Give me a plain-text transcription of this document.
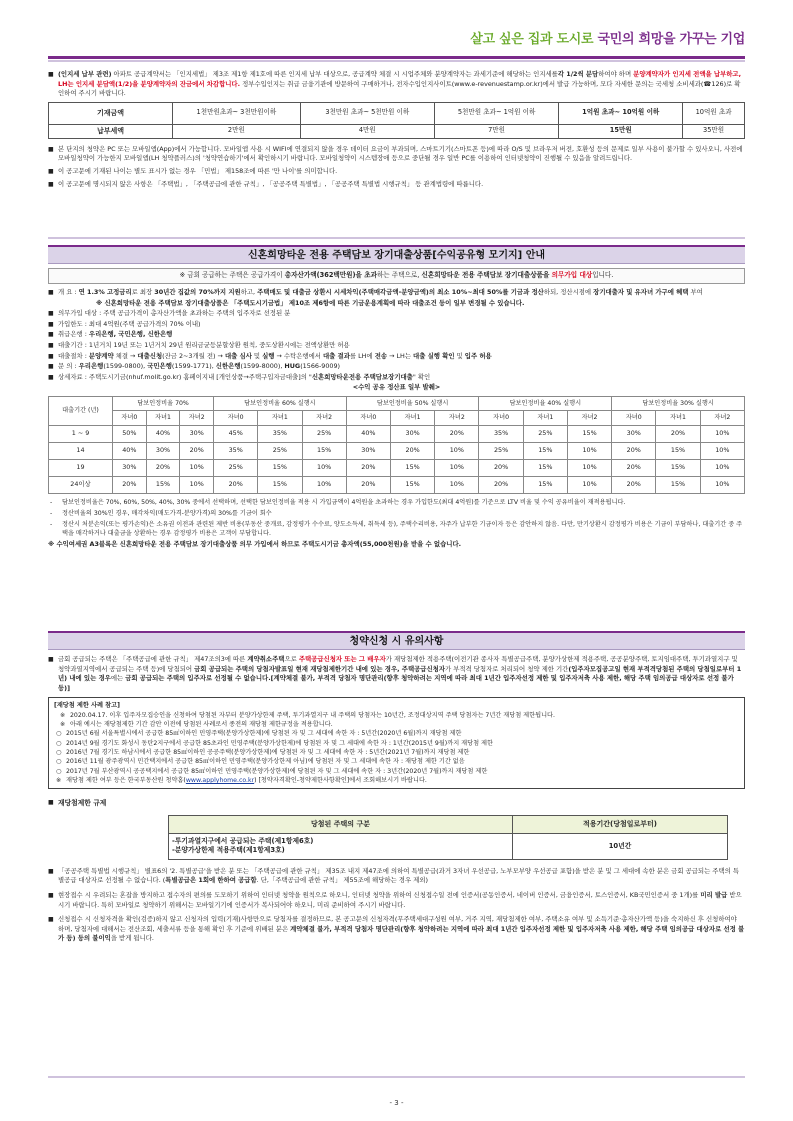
살고 싶은 집과 도시로 국민의 희망을 가꾸는 기업
■ (인지세 납부 관련) 아파트 공급계약서는 「인지세법」 제3조 제1항 제1호에 따른 인지세 납부 대상으로, 공급계약 체결 시 시업주체와 분양계약자는 과세기준에 해당하는 인지세를각 1/2씩 분담하여야 하며 분양계약자가 인지세 전액을 납부하고, LH는 인지세 분담액(1/2)을 분양계약자의 잔금에서 차감합니다. 정부수입인지는 취급 금융기관에 방문하여 구매하거나, 전자수입인지사이트(www.e-revenuestamp.or.kr)에서 발급 가능하며, 모다 자세한 문의는 국세청 소비세과(☎126)로 확인하여 주시기 바랍니다.
기재금액	1천만원초과~ 3천만원이하	3천만원 초과~ 5천만원 이하	5천만원 초과~ 1억원 이하	1억원 초과~ 10억원 이하	10억원 초과
납부세액	2만원	4만원	7만원	15만원	35만원
■ 본 단지의 청약은 PC 또는 모바일앱(App)에서 가능합니다. 모바일앱 사용 시 WIFI에 연결되지 않을 경우 데이터 요금이 부과되며, 스마트기기(스마트폰 등)에 따라 O/S 및 브라우저 버전, 호환성 등의 문제로 일부 사용이 불가할 수 있사오니, 사전에 모바일청약이 가능한지 모바일앱(LH 청약플러스)의 '청약연습하기'에서 확인하시기 바랍니다. 모바일청약이 시스템장애 등으로 중단될 경우 일반 PC를 이용하여 인터넷청약이 진행될 수 있음을 알려드립니다.
■ 이 공고문에 기재된 나이는 별도 표시가 없는 경우 「민법」 제158조에 따른 '만 나이'를 의미합니다.
■ 이 공고문에 명시되지 않은 사항은 「주택법」, 「주택공급에 관한 규칙」, 「공공주택 특별법」, 「공공주택 특별법 시행규칙」 등 관계법령에 따릅니다.
신혼희망타운 전용 주택담보 장기대출상품[수익공유형 모기지] 안내
※ 금회 공급하는 주택은 공급가격이 총자산가액(362백만원)을 초과하는 주택으로, 신혼희망타운 전용 주택담보 장기대출상품을 의무가입 대상입니다.
■ 개 요 : 연 1.3% 고정금리로 최장 30년간 집값의 70%까지 지원하고, 주택매도 및 대출금 상환시 시세차익(주택매각금액-분양금액)의 최소 10%~최대 50%를 기금과 정산하되, 정산시점에 장기대출자 및 유자녀 가구에 혜택 부여
※ 신혼희망타운 전용 주택담보 장기대출상품은 「주택도시기금법」 제10조 제6항에 따른 기금운용계획에 따라 대출조건 등이 일부 변경될 수 있습니다.
■ 의무가입 대상 : 주택 공급가격이 총자산가액을 초과하는 주택의 입주자로 선정된 분
■ 가입한도 : 최대 4억원(주택 공급가격의 70% 이내)
■ 취급은행 : 우리은행, 국민은행, 신한은행
■ 대출기간 : 1년거치 19년 또는 1년거치 29년 원리금균등분할상환 원칙, 중도상환시에는 전액상환만 허용
■ 대출절차 : 분양계약 체결 → 대출신청(잔금 2~3개월 전) → 대출 심사 및 실행 → 수탁은행에서 대출 결과를 LH에 전송 → LH는 대출 실행 확인 및 입주 허용
■ 문 의 : 우리은행(1599-0800), 국민은행(1599-1771), 신한은행(1599-8000), HUG(1566-9009)
■ 상세자료 : 주택도시기금(nhuf.molit.go.kr) 홈페이지내 [개인상품→주택구입자금대출]의 "신혼희망타운전용 주택담보장기대출" 확인
<수익 공유 정산표 일부 발췌>
대출기간 (년)	담보인정비율 70%			담보인정비율 60% 실행시			담보인정비율 50% 실행시			담보인정비율 40% 실행시			담보인정비율 30% 실행시		
	자녀0	자녀1	자녀2	자녀0	자녀1	자녀2	자녀0	자녀1	자녀2	자녀0	자녀1	자녀2	자녀0	자녀1	자녀2
1 ~ 9	50%	40%	30%	45%	35%	25%	40%	30%	20%	35%	25%	15%	30%	20%	10%
14	40%	30%	20%	35%	25%	15%	30%	20%	10%	25%	15%	10%	20%	15%	10%
19	30%	20%	10%	25%	15%	10%	20%	15%	10%	20%	15%	10%	20%	15%	10%
24이상	20%	15%	10%	20%	15%	10%	20%	15%	10%	20%	15%	10%	20%	15%	10%
- 담보인정비율은 70%, 60%, 50%, 40%, 30% 중에서 선택하며, 선택한 담보인정비율 적용 시 가입금액이 4억원을 초과하는 경우 가입한도(최대 4억원)를 기준으로 LTV 비율 및 수익 공유비율이 재적용됩니다.
- 정산비율의 30%인 경우, 매각차익(매도가격-분양가격)의 30%를 기금이 회수
- 정산시 처분손익(또는 평가손익)은 소유권 이전과 관련된 제반 비용(부동산 중개료, 감정평가 수수료, 양도소득세, 취득세 등), 주택수리비용, 자주가 납부한 기금이자 등은 감안하지 않음. 다만, 만기상환시 감정평가 비용은 기금이 부담하나, 대출기간 중 주택을 매각하거나 대출금을 상환하는 경우 감정평가 비용은 고객이 부담합니다.
※ 수익여세권 A3블록은 신혼희망타운 전용 주택담보 장기대출상품 의무 가입에서 하므로 주택도시기금 총자액(55,000천원)을 받을 수 없습니다.
청약신청 시 유의사항
■ 금회 공급되는 주택은 「주택공급에 관한 규칙」 제47조의3에 따른 계약취소주택으로 주택공급신청자 또는 그 배우자가 재당첨제한 적용주택(이전기관 종사자 특별공급주택, 분양가상한제 적용주택, 공공분양주택, 토지임대주택, 투기과열지구 및 청약과열지역에서 공급되는 주택 등)에 당첨되어 금회 공급되는 주택의 당첨자발표일 현재 재당첨제한기간 내에 있는 경우, 주택공급신청자가 부적격 당첨자로 처리되어 청약 제한 기간(입주자모집공고일 현재 부적격당첨된 주택의 당첨일로부터 1년) 내에 있는 경우에는 금회 공급되는 주택의 입주자로 선정될 수 없습니다.[계약체결 불가, 부적격 당첨자 명단관리(향후 청약하려는 지역에 따라 최대 1년간 입주자선정 제한 및 입주자저축 사용 제한, 해당 주택 임의공급 대상자로 선정 불가 등)]
[재당첨 제한 사례 참고]
※ 2020.04.17. 이후 입주자모집승인을 신청하여 당첨된 자부터 분양가상한제 주택, 투기과열지구 내 주택의 당첨자는 10년간, 조정대상지역 주택 당첨자는 7년간 재당첨 제한됩니다.
※ 아래 예시는 재당첨제한 기간 감안 이전에 당첨된 사례로서 종전의 재당첨 제한규정을 적용합니다.
○ 2015년 6월 서울특별시에서 공급한 85㎡이하인 민영주택(분양가상한제)에 당첨된 자 및 그 세대에 속한 자 : 5년간(2020년 6월)까지 재당첨 제한
○ 2014년 9월 경기도 화성시 동탄2지구에서 공급한 85초과인 민영주택(분양가상한제)에 당첨된 자 및 그 세대에 속한 자 : 1년간(2015년 9월)까지 재당첨 제한
○ 2016년 7월 경기도 하남시에서 공급한 85㎡이하인 공공주택(분양가상한제)에 당첨된 자 및 그 세대에 속한 자 : 5년간(2021년 7월)까지 재당첨 제한
○ 2016년 11월 광주광역시 민간택지에서 공급한 85㎡이하인 민영주택(분양가상한제 아님)에 당첨된 자 및 그 세대에 속한 자 : 재당첨 제한 기간 없음
○ 2017년 7월 부산광역시 공공택지에서 공급한 85㎡이하인 민영주택(분양가상한제)에 당첨된 자 및 그 세대에 속한 자 : 3년간(2020년 7월)까지 재당첨 제한
※ 재당첨 제한 여부 등은 한국부동산원 청약홈(www.applyhome.co.kr) [청약자격확인-청약제한사항확인]에서 조회해보시기 바랍니다.
■ 재당첨제한 규제
당첨된 주택의 구분	적용기간(당첨일로부터)

-투기과열지구에서 공급되는 주택(제1항제6호)
-분양가상한제 적용주택(제1항제3호)	10년간
■ 「공공주택 특별법 시행규칙」 별표6의 '2. 특별공급'을 받은 분 또는 「주택공급에 관한 규칙」 제35조 내지 제47조에 의하여 특별공급(과거 3자녀 우선공급, 노부모부양 우선공급 포함)을 받은 분 및 그 세대에 속한 분은 금회 공급되는 주택의 특별공급 대상자로 선정될 수 없습니다. (특별공급은 1회에 한하여 공급함. 단,「주택공급에 관한 규칙」 제55조에 해당하는 경우 제외)
■ 현장접수 시 우려되는 혼잡을 방지하고 접수자의 편의를 도모하기 위하여 인터넷 청약을 원칙으로 하오니, 인터넷 청약을 위하여 신청접수일 전에 인증서(공동인증서, 네이버 인증서, 금융인증서, 토스인증서, KB국민인증서 중 1개)를 미리 발급 받으시기 바랍니다. 특히 모바일로 청약하기 위해서는 모바일기기에 인증서가 복사되어야 하오니, 미리 준비하여 주시기 바랍니다.
■ 신청접수 시 신청자격을 확인(검증)하지 않고 신청자의 입력(기재)사항만으로 당첨자를 결정하므로, 본 공고문의 신청자격(무주택세대구성원 여부, 거주 지역, 재당첨제한 여부, 주택소유 여부 및 소득기준·총자산가액 등)을 숙지하신 후 신청하여야 하며, 당첨자에 대해서는 전산조회, 세출서류 등을 통해 확인 후 기준에 위배된 분은 계약체결 불가, 부적격 당첨자 명단관리(향후 청약하려는 지역에 따라 최대 1년간 입주자선정 제한 및 입주자저축 사용 제한, 해당 주택 임의공급 대상자로 선정 불가 등) 등의 불이익을 받게 됩니다.
- 3 -
